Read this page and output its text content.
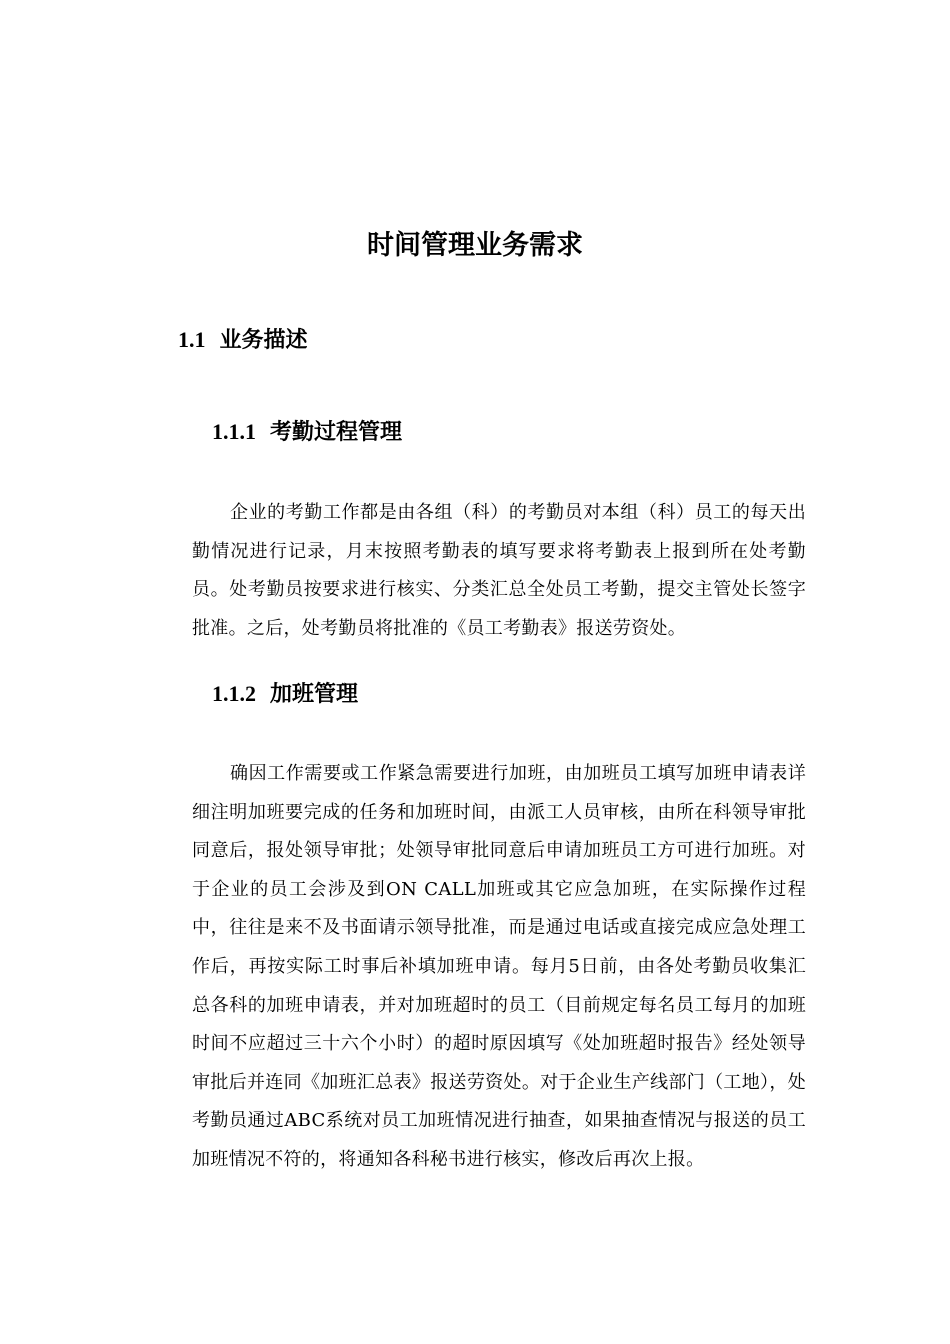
时间管理业务需求
1.1 业务描述
1.1.1 考勤过程管理

企业的考勤工作都是由各组（科）的考勤员对本组（科）员工的每天出勤情况进行记录，月末按照考勤表的填写要求将考勤表上报到所在处考勤员。处考勤员按要求进行核实、分类汇总全处员工考勤，提交主管处长签字批准。之后，处考勤员将批准的《员工考勤表》报送劳资处。

1.1.2 加班管理

确因工作需要或工作紧急需要进行加班，由加班员工填写加班申请表详细注明加班要完成的任务和加班时间，由派工人员审核，由所在科领导审批同意后，报处领导审批；处领导审批同意后申请加班员工方可进行加班。对于企业的员工会涉及到ON CALL加班或其它应急加班，在实际操作过程中，往往是来不及书面请示领导批准，而是通过电话或直接完成应急处理工作后，再按实际工时事后补填加班申请。每月5日前，由各处考勤员收集汇总各科的加班申请表，并对加班超时的员工（目前规定每名员工每月的加班时间不应超过三十六个小时）的超时原因填写《处加班超时报告》经处领导审批后并连同《加班汇总表》报送劳资处。对于企业生产线部门（工地），处考勤员通过ABC系统对员工加班情况进行抽查，如果抽查情况与报送的员工加班情况不符的，将通知各科秘书进行核实，修改后再次上报。
